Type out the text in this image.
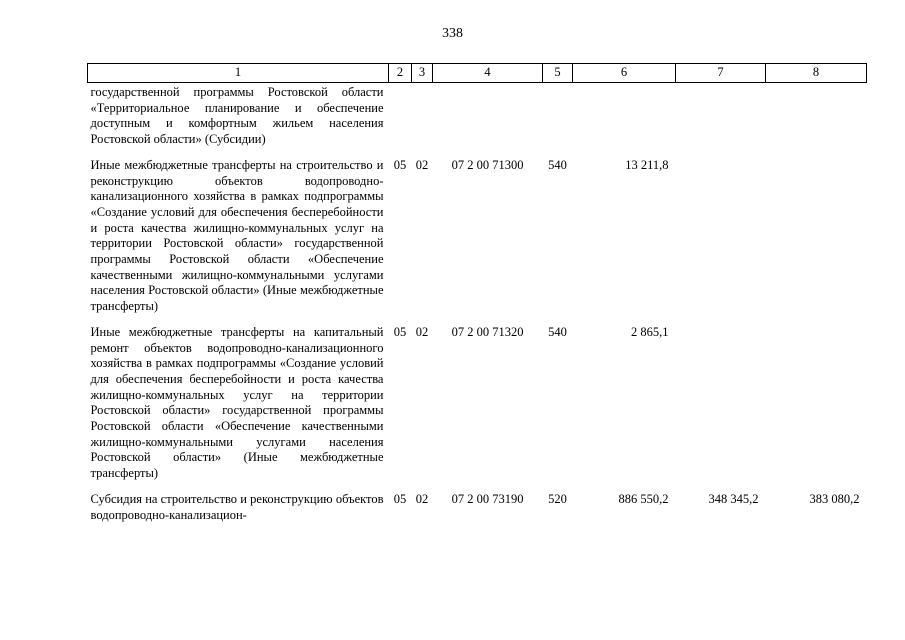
338
1	2	3	4	5	6	7	8
государственной программы Ростовской области «Территориальное планирование и обеспечение доступным и комфортным жильем населения Ростовской области» (Субсидии)							
Иные межбюджетные трансферты на строительство и реконструкцию объектов водопроводно-канализационного хозяйства в рамках подпрограммы «Создание условий для обеспечения бесперебойности и роста качества жилищно-коммунальных услуг на территории Ростовской области» государственной программы Ростовской области «Обеспечение качественными жилищно-коммунальными услугами населения Ростовской области» (Иные межбюджетные трансферты)	05	02	07 2 00 71300	540	13 211,8		
Иные межбюджетные трансферты на капитальный ремонт объектов водопроводно-канализационного хозяйства в рамках подпрограммы «Создание условий для обеспечения бесперебойности и роста качества жилищно-коммунальных услуг на территории Ростовской области» государственной программы Ростовской области «Обеспечение качественными жилищно-коммунальными услугами населения Ростовской области» (Иные межбюджетные трансферты)	05	02	07 2 00 71320	540	2 865,1		
Субсидия на строительство и реконструкцию объектов водопроводно-канализацион-	05	02	07 2 00 73190	520	886 550,2	348 345,2	383 080,2
